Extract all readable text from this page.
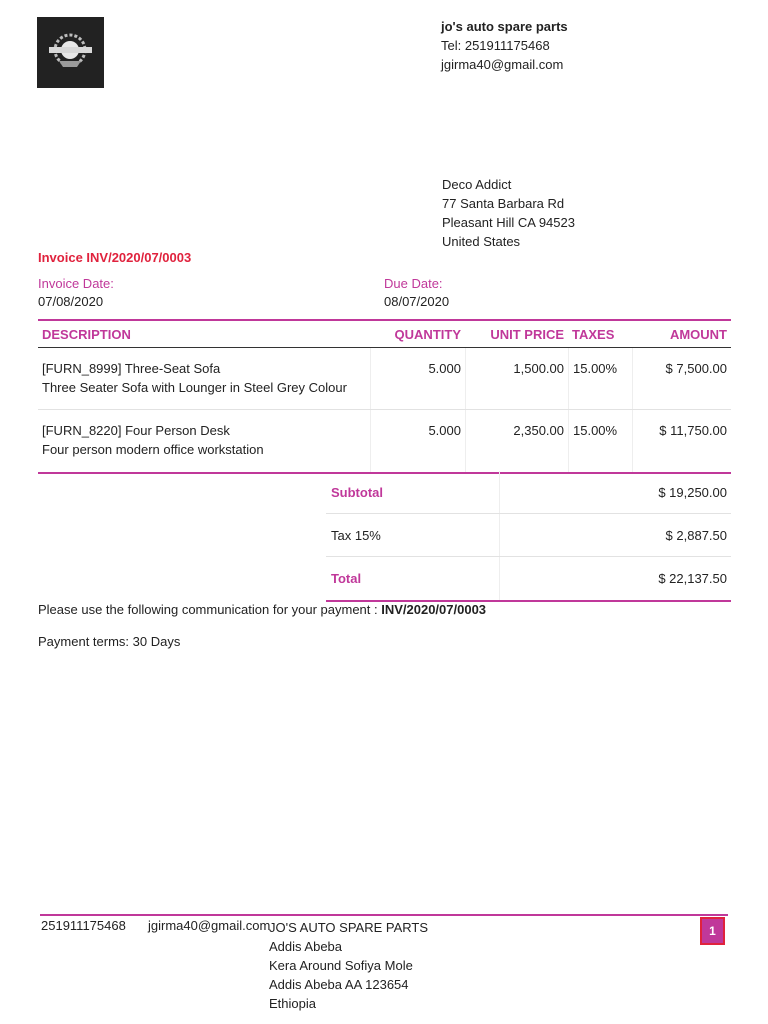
jo's auto spare parts
Tel: 251911175468
jgirma40@gmail.com
Deco Addict
77 Santa Barbara Rd
Pleasant Hill CA 94523
United States
Invoice INV/2020/07/0003
Invoice Date:
07/08/2020
Due Date:
08/07/2020
DESCRIPTION	QUANTITY	UNIT PRICE TAXES	AMOUNT
[FURN_8999] Three-Seat Sofa
Three Seater Sofa with Lounger in Steel Grey Colour
5.000	1,500.00 15.00%	$ 7,500.00
[FURN_8220] Four Person Desk
Four person modern office workstation
5.000	2,350.00 15.00%	$ 11,750.00
Subtotal	$ 19,250.00
Tax 15%	$ 2,887.50
Total	$ 22,137.50
Please use the following communication for your payment : INV/2020/07/0003
Payment terms: 30 Days
251911175468 jgirma40@gmail.com
JO'S AUTO SPARE PARTS
Addis Abeba
Kera Around Sofiya Mole
Addis Abeba AA 123654
Ethiopia
1
